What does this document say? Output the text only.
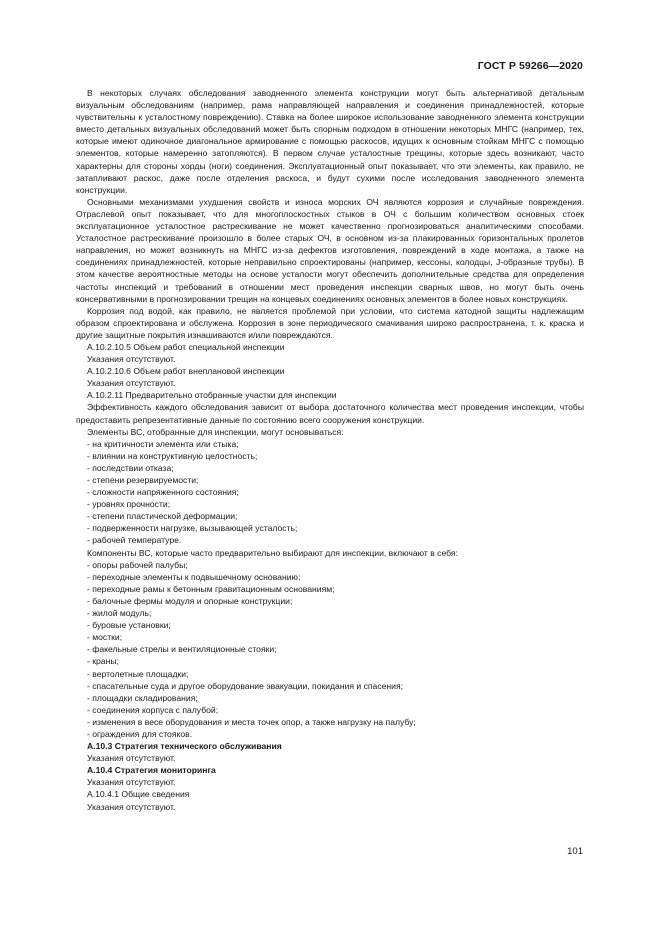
ГОСТ Р 59266—2020

В некоторых случаях обследования заводненного элемента конструкции могут быть альтернативой детальным визуальным обследованиям (например, рама направляющей направления и соединения принадлежностей, которые чувствительны к усталостному повреждению). Ставка на более широкое использование заводненного элемента конструкции вместо детальных визуальных обследований может быть спорным подходом в отношении некоторых МНГС (например, тех, которые имеют одиночное диагональное армирование с помощью раскосов, идущих к основным стойкам МНГС с помощью элементов, которые намеренно затопляются). В первом случае усталостные трещины, которые здесь возникают, часто характерны для стороны хорды (ноги) соединения. Эксплуатационный опыт показывает, что эти элементы, как правило, не затапливают раскос, даже после отделения раскоса, и будут сухими после исследования заводненного элемента конструкции.

Основными механизмами ухудшения свойств и износа морских ОЧ являются коррозия и случайные повреждения. Отраслевой опыт показывает, что для многоплоскостных стыков в ОЧ с большим количеством основных стоек эксплуатационное усталостное растрескивание не может качественно прогнозироваться аналитическими способами. Усталостное растрескивание произошло в более старых ОЧ, в основном из-за плакированных горизонтальных пролетов направления, но может возникнуть на МНГС из-за дефектов изготовления, повреждений в ходе монтажа, а также на соединениях принадлежностей, которые неправильно спроектированы (например, кессоны, колодцы, J-образные трубы). В этом качестве вероятностные методы на основе усталости могут обеспечить дополнительные средства для определения частоты инспекций и требований в отношении мест проведения инспекции сварных швов, но могут быть очень консервативными в прогнозировании трещин на концевых соединениях основных элементов в более новых конструкциях.

Коррозия под водой, как правило, не является проблемой при условии, что система катодной защиты надлежащим образом спроектирована и обслужена. Коррозия в зоне периодического смачивания широко распространена, т. к. краска и другие защитные покрытия изнашиваются и/или повреждаются.

А.10.2.10.5 Объем работ специальной инспекции

Указания отсутствуют.

А.10.2.10.6 Объем работ внеплановой инспекции

Указания отсутствуют.

А.10.2.11 Предварительно отобранные участки для инспекции

Эффективность каждого обследования зависит от выбора достаточного количества мест проведения инспекции, чтобы предоставить репрезентативные данные по состоянию всего сооружения конструкции.

Элементы ВС, отобранные для инспекции, могут основываться:

- на критичности элемента или стыка;
- влиянии на конструктивную целостность;
- последствии отказа;
- степени резервируемости;
- сложности напряженного состояния;
- уровнях прочности;
- степени пластической деформации;
- подверженности нагрузке, вызывающей усталость;
- рабочей температуре.

Компоненты ВС, которые часто предварительно выбирают для инспекции, включают в себя:

- опоры рабочей палубы;
- переходные элементы к подвышечному основанию;
- переходные рамы к бетонным гравитационным основаниям;
- балочные фермы модуля и опорные конструкции;
- жилой модуль;
- буровые установки;
- мостки;
- факельные стрелы и вентиляционные стояки;
- краны;
- вертолетные площадки;
- спасательные суда и другое оборудование эвакуации, покидания и спасения;
- площадки складирования;
- соединения корпуса с палубой;
- изменения в весе оборудования и места точек опор, а также нагрузку на палубу;
- ограждения для стояков.

А.10.3 Стратегия технического обслуживания

Указания отсутствуют.

А.10.4 Стратегия мониторинга

Указания отсутствуют.

А.10.4.1 Общие сведения

Указания отсутствуют.

101
